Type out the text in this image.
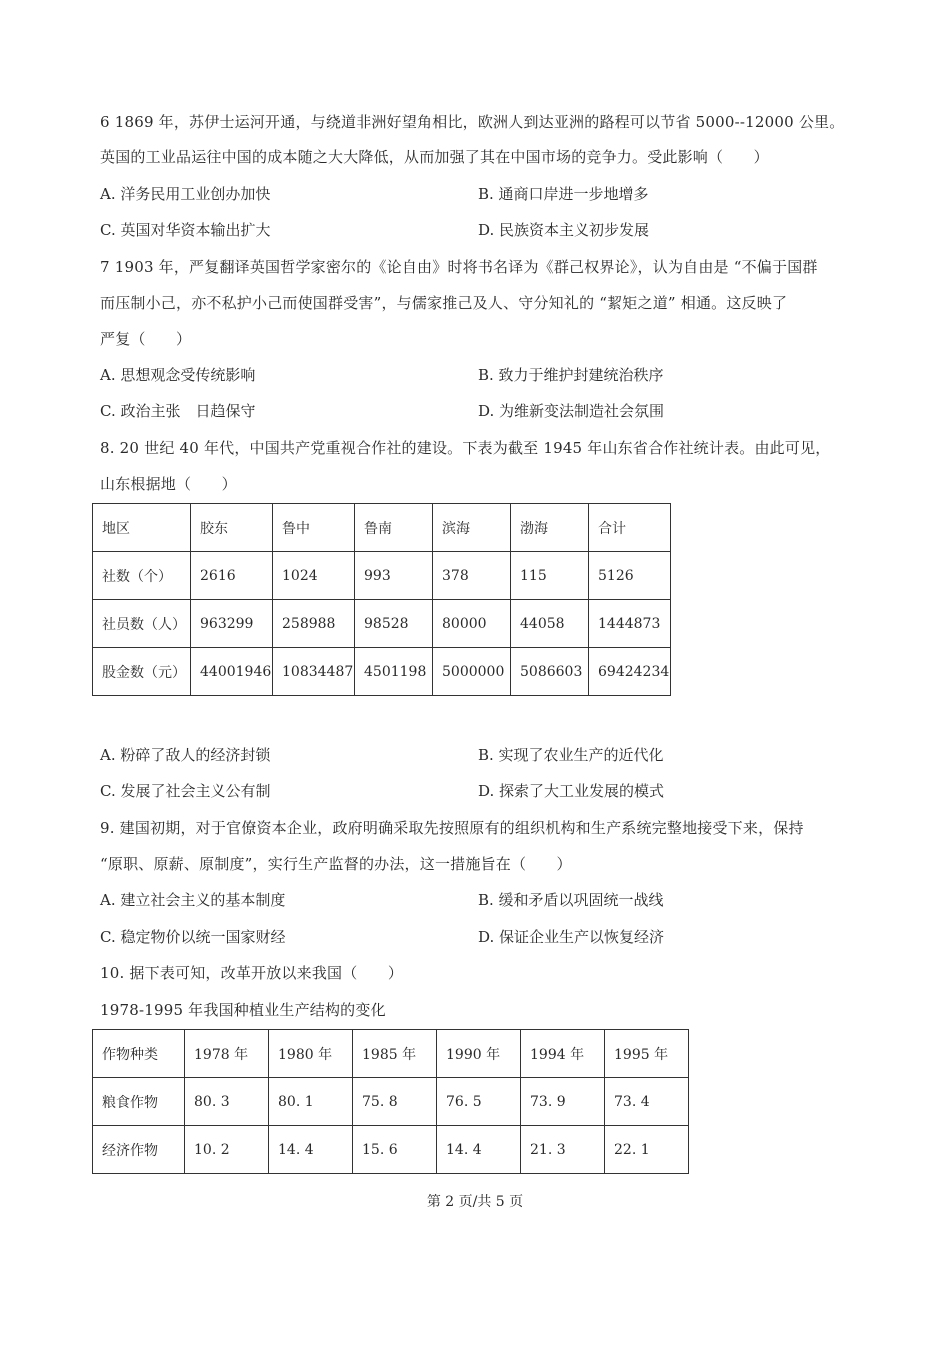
6 1869 年，苏伊士运河开通，与绕道非洲好望角相比，欧洲人到达亚洲的路程可以节省 5000--12000 公里。
英国的工业品运往中国的成本随之大大降低，从而加强了其在中国市场的竞争力。受此影响（　　）
A. 洋务民用工业创办加快	B. 通商口岸进一步地增多
C. 英国对华资本输出扩大	D. 民族资本主义初步发展
7 1903 年，严复翻译英国哲学家密尔的《论自由》时将书名译为《群己权界论》，认为自由是 “不偏于国群
而压制小己，亦不私护小己而使国群受害”，与儒家推己及人、守分知礼的 “絜矩之道” 相通。这反映了
严复（　　）
A. 思想观念受传统影响	B. 致力于维护封建统治秩序
C. 政治主张　日趋保守	D. 为维新变法制造社会氛围
8. 20 世纪 40 年代，中国共产党重视合作社的建设。下表为截至 1945 年山东省合作社统计表。由此可见，
山东根据地（　　）
地区	胶东	鲁中	鲁南	滨海	渤海	合计
社数（个）	2616	1024	993	378	115	5126
社员数（人）	963299	258988	98528	80000	44058	1444873
股金数（元）	44001946	10834487	4501198	5000000	5086603	69424234
A. 粉碎了敌人的经济封锁	B. 实现了农业生产的近代化
C. 发展了社会主义公有制	D. 探索了大工业发展的模式
9. 建国初期，对于官僚资本企业，政府明确采取先按照原有的组织机构和生产系统完整地接受下来，保持
“原职、原薪、原制度”，实行生产监督的办法，这一措施旨在（　　）
A. 建立社会主义的基本制度	B. 缓和矛盾以巩固统一战线
C. 稳定物价以统一国家财经	D. 保证企业生产以恢复经济
10. 据下表可知，改革开放以来我国（　　）
1978-1995 年我国种植业生产结构的变化
作物种类	1978 年	1980 年	1985 年	1990 年	1994 年	1995 年
粮食作物	80. 3	80. 1	75. 8	76. 5	73. 9	73. 4
经济作物	10. 2	14. 4	15. 6	14. 4	21. 3	22. 1
第 2 页/共 5 页
